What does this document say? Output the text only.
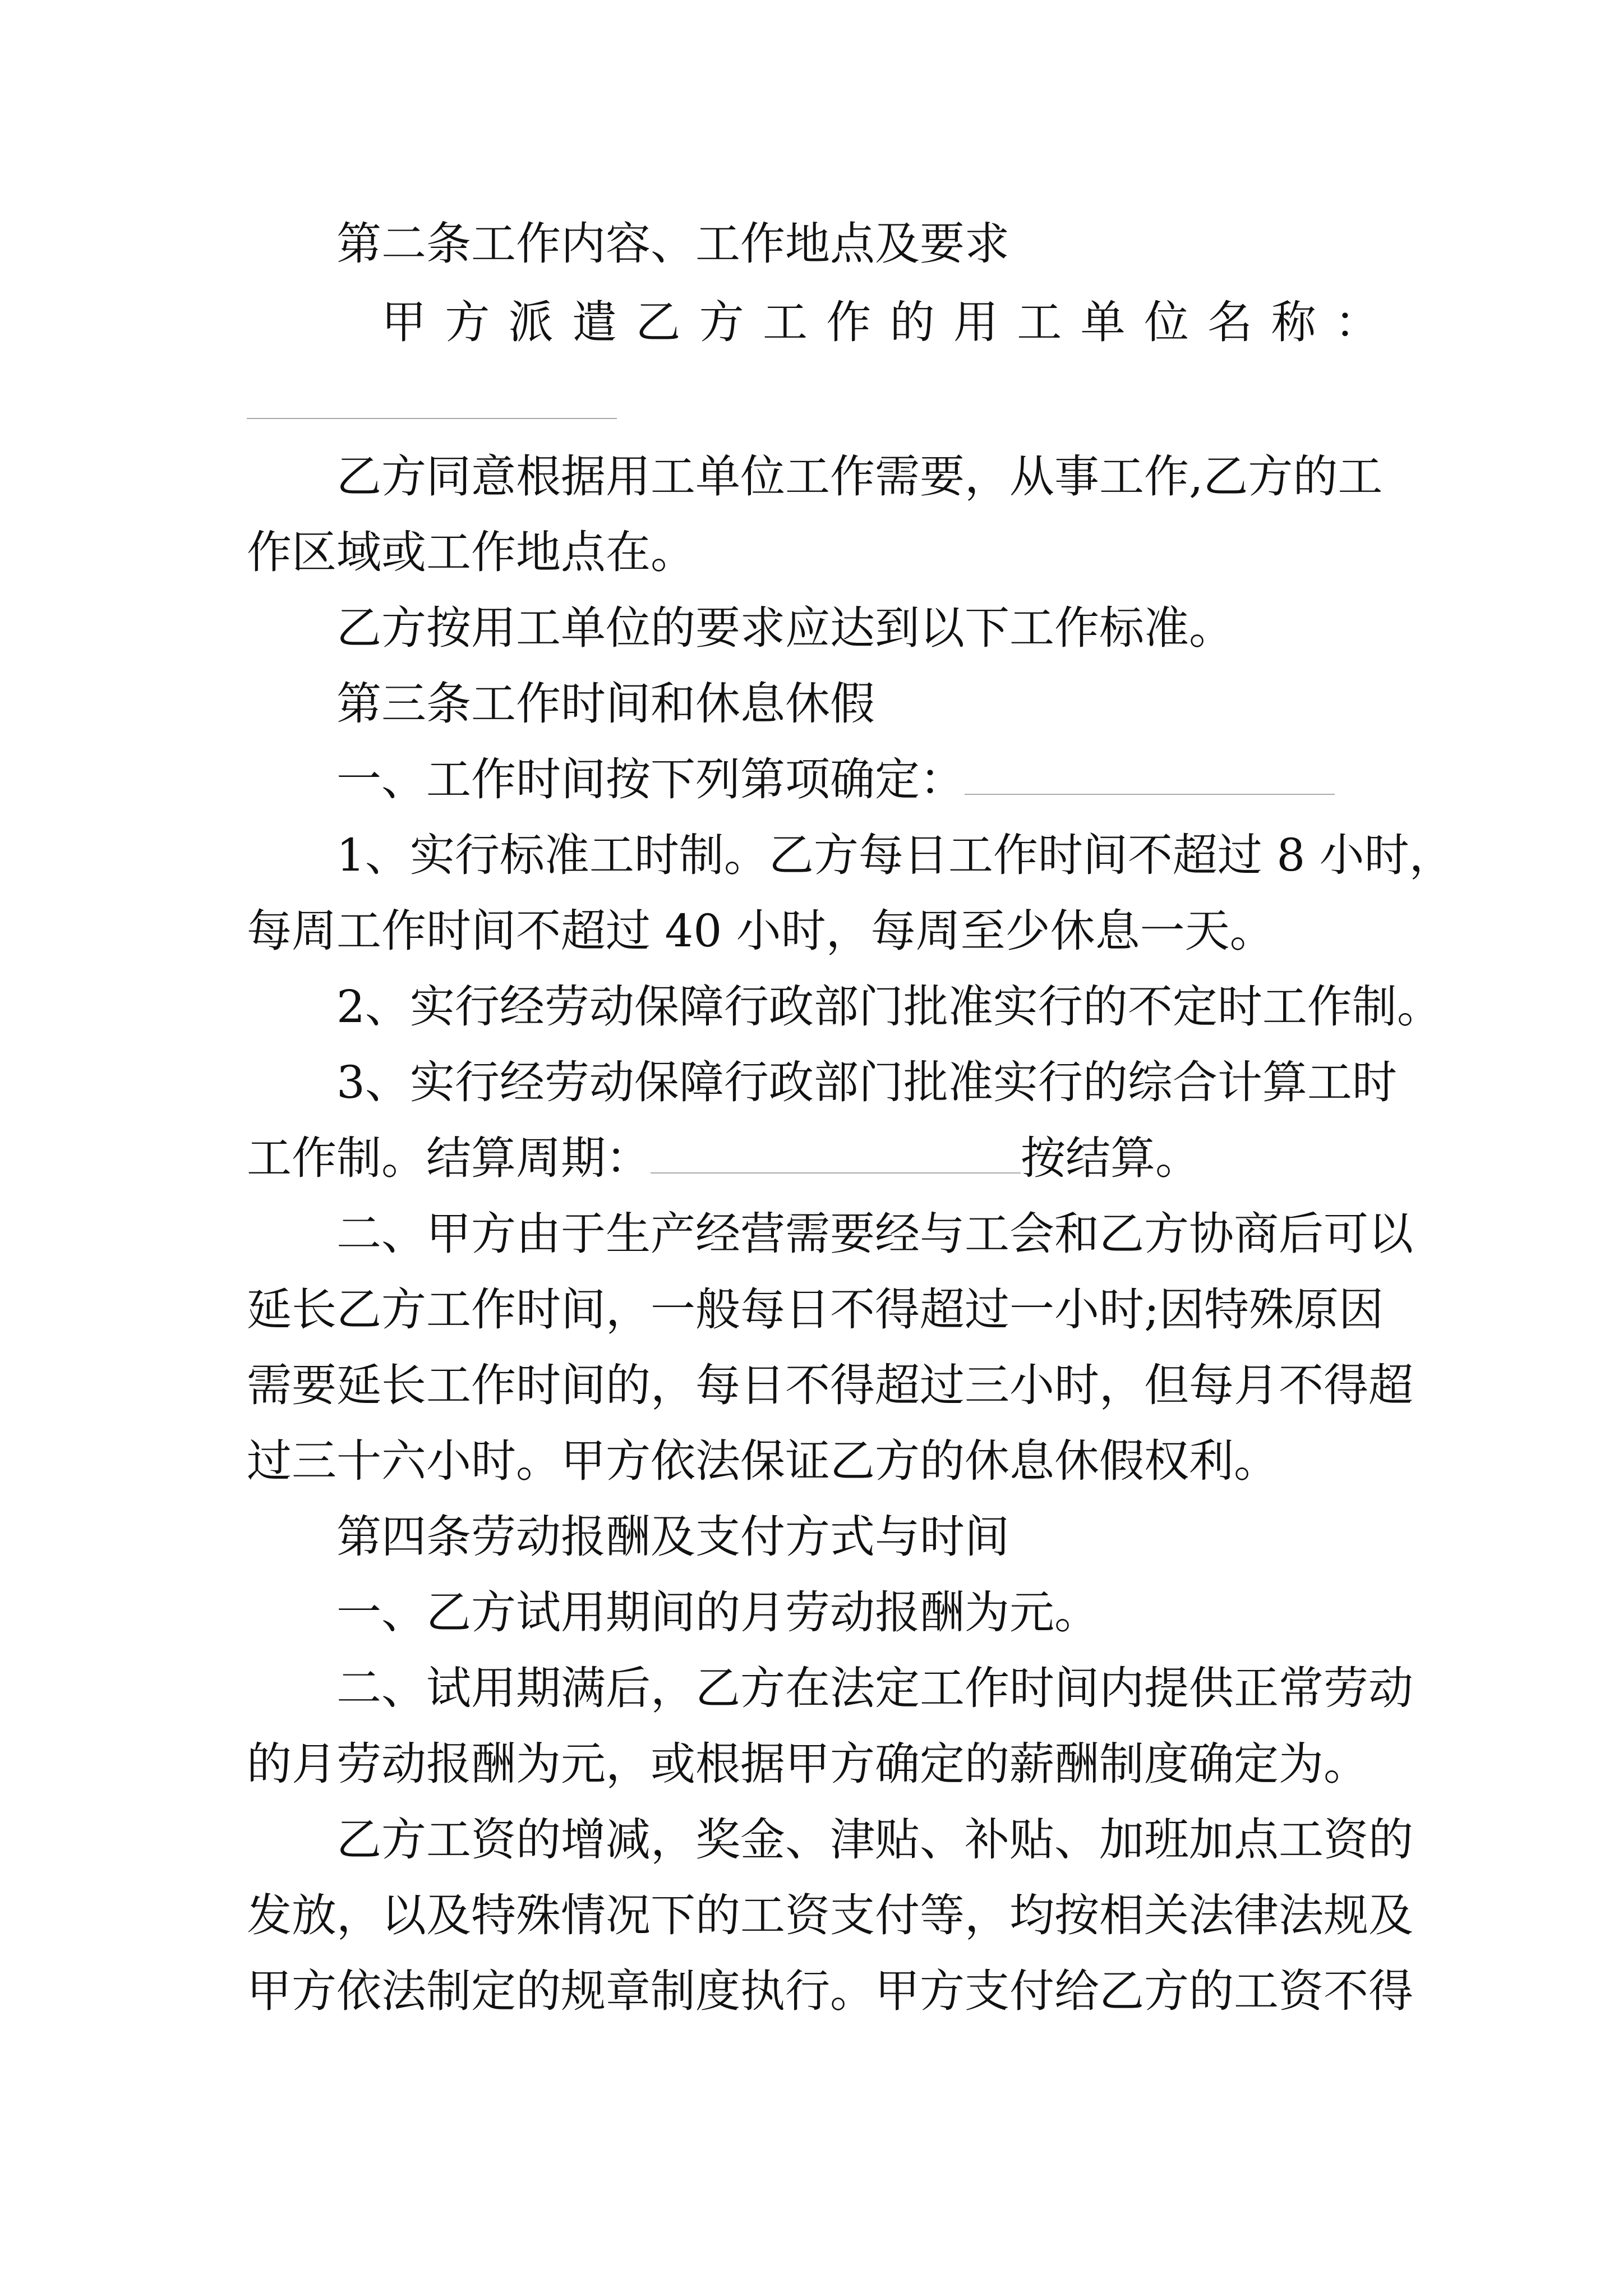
第二条工作内容、工作地点及要求
甲 方 派 遣 乙 方 工 作 的 用 工 单 位 名 称 ：
乙方同意根据用工单位工作需要，从事工作,乙方的工
作区域或工作地点在。
乙方按用工单位的要求应达到以下工作标准。
第三条工作时间和休息休假
一、工作时间按下列第项确定：
1、实行标准工时制。乙方每日工作时间不超过 8 小时，
每周工作时间不超过 40 小时，每周至少休息一天。
2、实行经劳动保障行政部门批准实行的不定时工作制。
3、实行经劳动保障行政部门批准实行的综合计算工时
工作制。结算周期：	按结算。
二、甲方由于生产经营需要经与工会和乙方协商后可以
延长乙方工作时间，一般每日不得超过一小时;因特殊原因
需要延长工作时间的，每日不得超过三小时，但每月不得超
过三十六小时。甲方依法保证乙方的休息休假权利。
第四条劳动报酬及支付方式与时间
一、乙方试用期间的月劳动报酬为元。
二、试用期满后，乙方在法定工作时间内提供正常劳动
的月劳动报酬为元，或根据甲方确定的薪酬制度确定为。
乙方工资的增减，奖金、津贴、补贴、加班加点工资的
发放，以及特殊情况下的工资支付等，均按相关法律法规及
甲方依法制定的规章制度执行。甲方支付给乙方的工资不得
